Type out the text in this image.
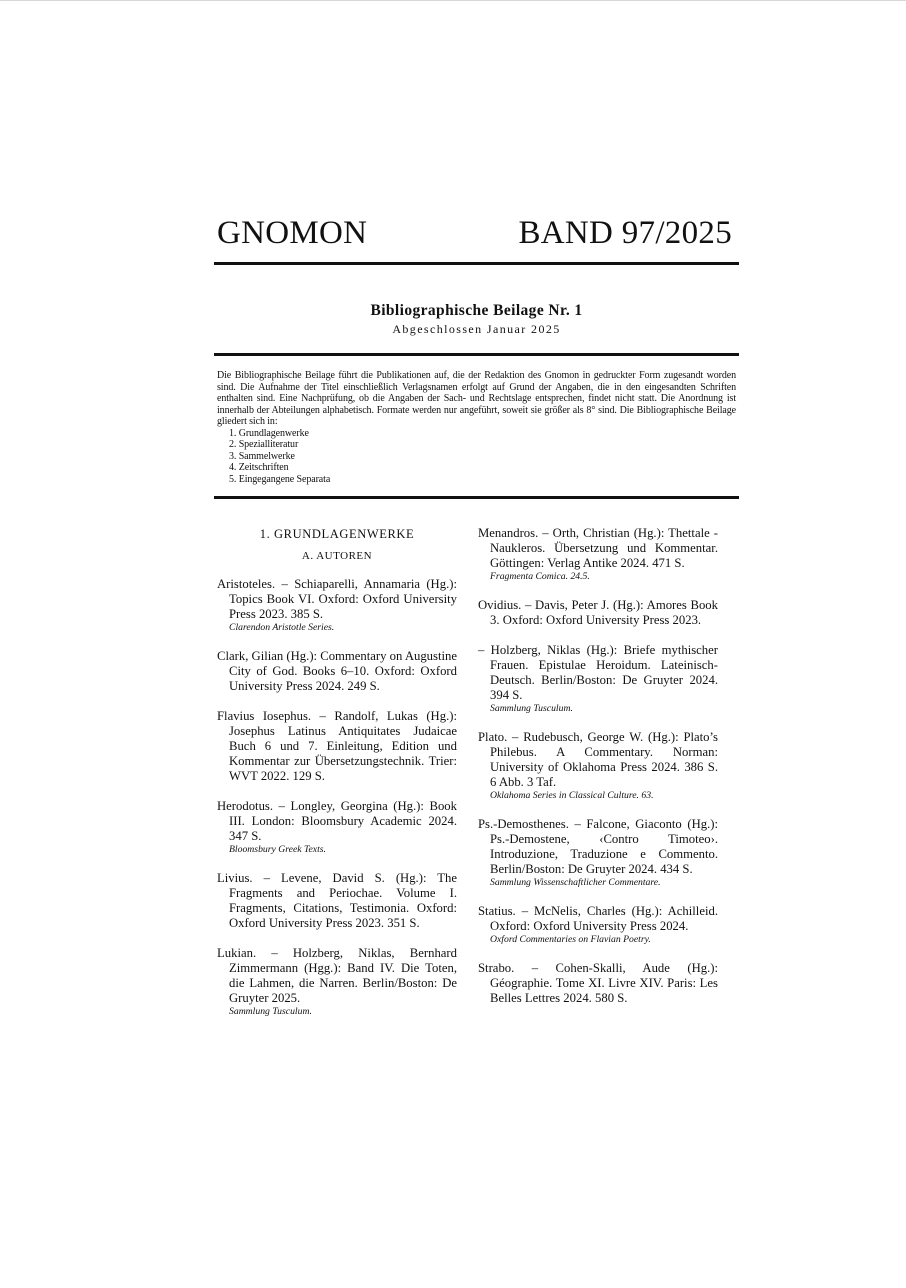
GNOMON	BAND 97/2025
Bibliographische Beilage Nr. 1
Abgeschlossen Januar 2025

Die Bibliographische Beilage führt die Publikationen auf, die der Redaktion des Gnomon in gedruckter Form zugesandt worden sind. Die Aufnahme der Titel einschließlich Verlagsnamen erfolgt auf Grund der Angaben, die in den eingesandten Schriften enthalten sind. Eine Nachprüfung, ob die Angaben der Sach- und Rechtslage entsprechen, findet nicht statt. Die Anordnung ist innerhalb der Abteilungen alphabetisch. Formate werden nur angeführt, soweit sie größer als 8° sind. Die Bibliographische Beilage gliedert sich in:

1. Grundlagenwerke
2. Spezialliteratur
3. Sammelwerke
4. Zeitschriften
5. Eingegangene Separata
1. GRUNDLAGENWERKE
A. AUTOREN
Aristoteles. – Schiaparelli, Annamaria (Hg.): Topics Book VI. Oxford: Oxford University Press 2023. 385 S.
Clarendon Aristotle Series.
Clark, Gilian (Hg.): Commentary on Augustine City of God. Books 6–10. Oxford: Oxford University Press 2024. 249 S.
Flavius Iosephus. – Randolf, Lukas (Hg.): Josephus Latinus Antiquitates Judaicae Buch 6 und 7. Einleitung, Edition und Kommentar zur Übersetzungstechnik. Trier: WVT 2022. 129 S.
Herodotus. – Longley, Georgina (Hg.): Book III. London: Bloomsbury Academic 2024. 347 S.
Bloomsbury Greek Texts.
Livius. – Levene, David S. (Hg.): The Fragments and Periochae. Volume I. Fragments, Citations, Testimonia. Oxford: Oxford University Press 2023. 351 S.
Lukian. – Holzberg, Niklas, Bernhard Zimmermann (Hgg.): Band IV. Die Toten, die Lahmen, die Narren. Berlin/Boston: De Gruyter 2025.
Sammlung Tusculum.
Menandros. – Orth, Christian (Hg.): Thettale - Naukleros. Übersetzung und Kommentar. Göttingen: Verlag Antike 2024. 471 S.
Fragmenta Comica. 24.5.
Ovidius. – Davis, Peter J. (Hg.): Amores Book 3. Oxford: Oxford University Press 2023.
– Holzberg, Niklas (Hg.): Briefe mythischer Frauen. Epistulae Heroidum. Lateinisch-Deutsch. Berlin/Boston: De Gruyter 2024. 394 S.
Sammlung Tusculum.
Plato. – Rudebusch, George W. (Hg.): Plato’s Philebus. A Commentary. Norman: University of Oklahoma Press 2024. 386 S. 6 Abb. 3 Taf.
Oklahoma Series in Classical Culture. 63.
Ps.-Demosthenes. – Falcone, Giaconto (Hg.): Ps.-Demostene, ‹Contro Timoteo›. Introduzione, Traduzione e Commento. Berlin/Boston: De Gruyter 2024. 434 S.
Sammlung Wissenschaftlicher Commentare.
Statius. – McNelis, Charles (Hg.): Achilleid. Oxford: Oxford University Press 2024.
Oxford Commentaries on Flavian Poetry.
Strabo. – Cohen-Skalli, Aude (Hg.): Géographie. Tome XI. Livre XIV. Paris: Les Belles Lettres 2024. 580 S.
